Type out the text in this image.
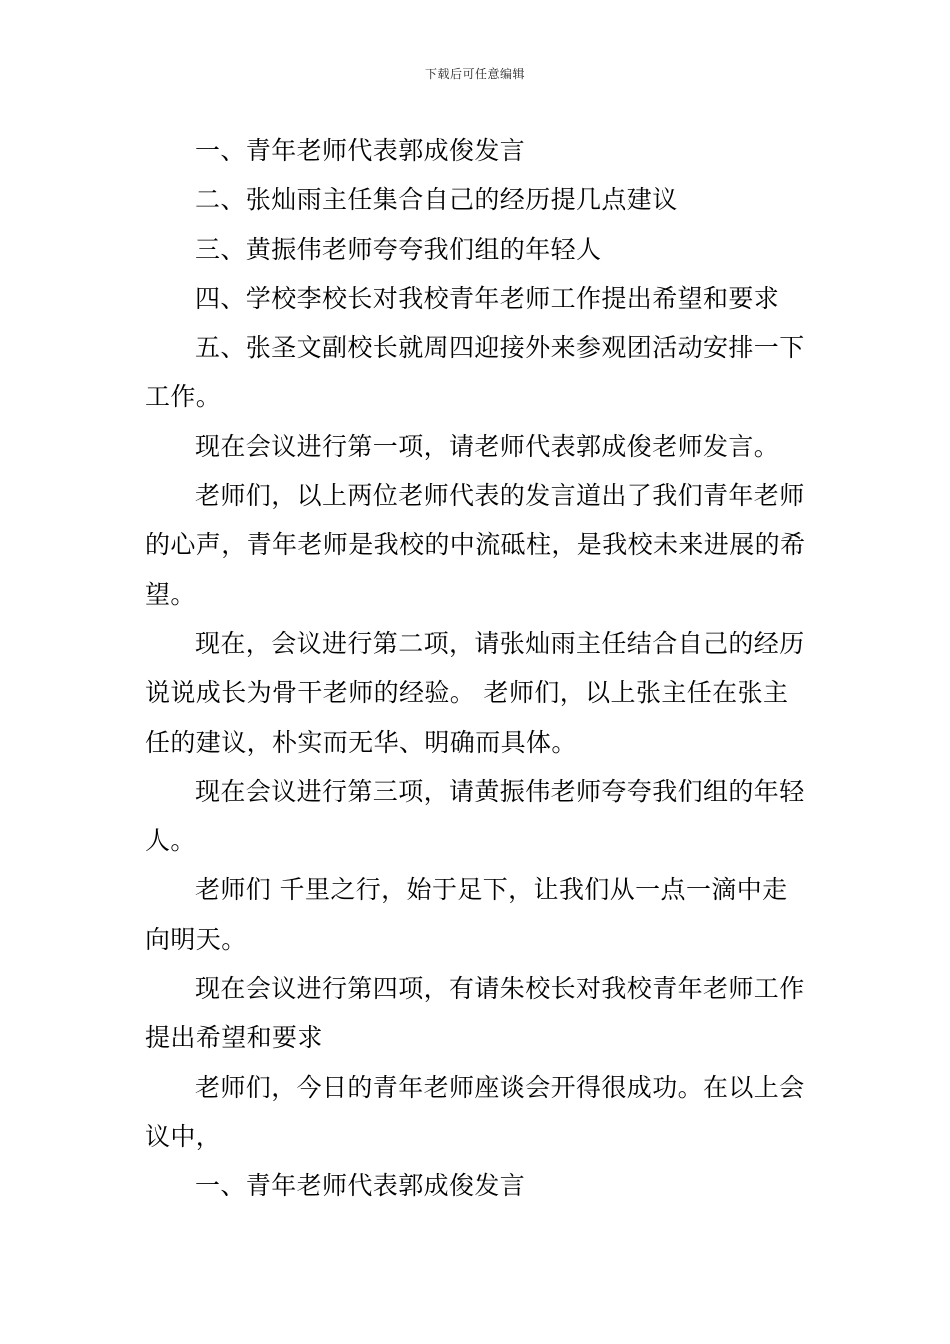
下载后可任意编辑

一、青年老师代表郭成俊发言

二、张灿雨主任集合自己的经历提几点建议

三、黄振伟老师夸夸我们组的年轻人

四、学校李校长对我校青年老师工作提出希望和要求

五、张圣文副校长就周四迎接外来参观团活动安排一下工作。

现在会议进行第一项，请老师代表郭成俊老师发言。

老师们，以上两位老师代表的发言道出了我们青年老师的心声，青年老师是我校的中流砥柱，是我校未来进展的希望。

现在，会议进行第二项，请张灿雨主任结合自己的经历说说成长为骨干老师的经验。 老师们，以上张主任在张主任的建议，朴实而无华、明确而具体。

现在会议进行第三项，请黄振伟老师夸夸我们组的年轻人。

老师们 千里之行，始于足下，让我们从一点一滴中走向明天。

现在会议进行第四项，有请朱校长对我校青年老师工作提出希望和要求

老师们，今日的青年老师座谈会开得很成功。在以上会议中，

一、青年老师代表郭成俊发言
